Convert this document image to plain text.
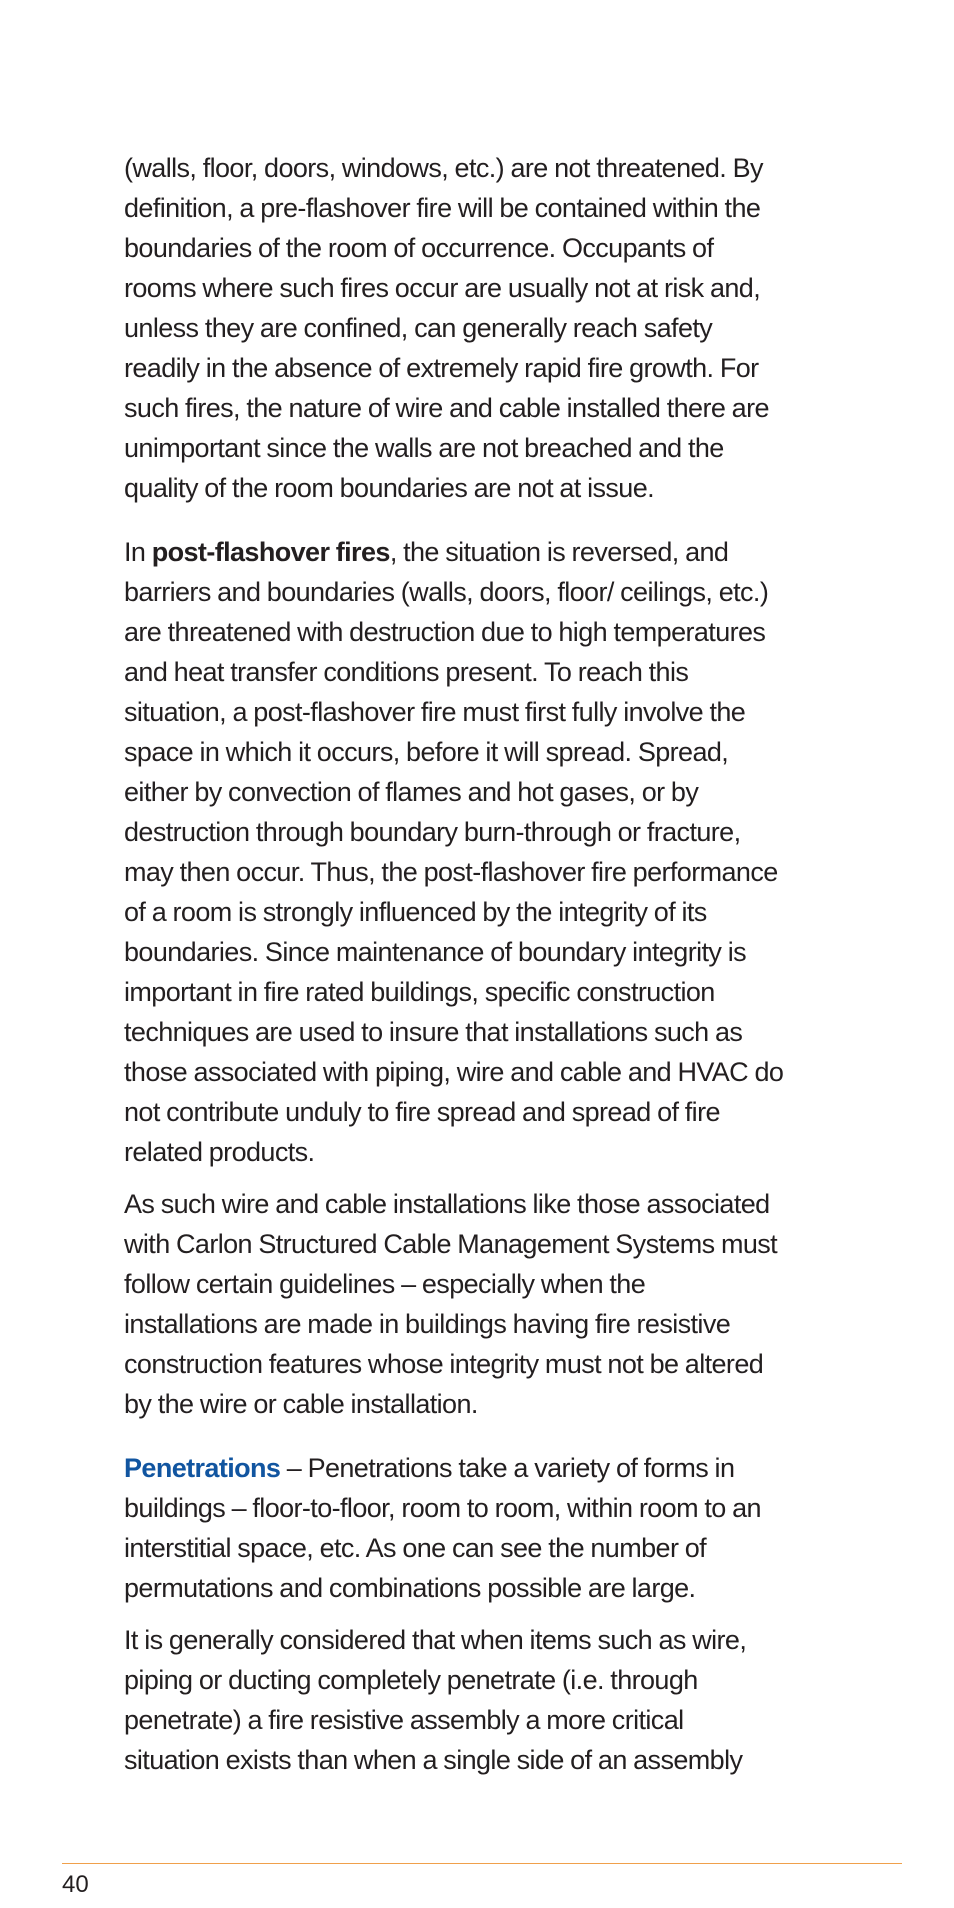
(walls, floor, doors, windows, etc.) are not threatened. By definition, a pre-flashover fire will be contained within the boundaries of the room of occurrence. Occupants of rooms where such fires occur are usually not at risk and, unless they are confined, can generally reach safety readily in the absence of extremely rapid fire growth. For such fires, the nature of wire and cable installed there are unimportant since the walls are not breached and the quality of the room boundaries are not at issue.

In post-flashover fires, the situation is reversed, and barriers and boundaries (walls, doors, floor/ ceilings, etc.) are threatened with destruction due to high temperatures and heat transfer conditions present. To reach this situation, a post-flashover fire must first fully involve the space in which it occurs, before it will spread. Spread, either by convection of flames and hot gases, or by destruction through boundary burn-through or fracture, may then occur. Thus, the post-flashover fire performance of a room is strongly influenced by the integrity of its boundaries. Since maintenance of boundary integrity is important in fire rated buildings, specific construction techniques are used to insure that installations such as those associated with piping, wire and cable and HVAC do not contribute unduly to fire spread and spread of fire related products.

As such wire and cable installations like those associated with Carlon Structured Cable Management Systems must follow certain guidelines – especially when the installations are made in buildings having fire resistive construction features whose integrity must not be altered by the wire or cable installation.

Penetrations – Penetrations take a variety of forms in buildings – floor-to-floor, room to room, within room to an interstitial space, etc. As one can see the number of permutations and combinations possible are large.

It is generally considered that when items such as wire, piping or ducting completely penetrate (i.e. through penetrate) a fire resistive assembly a more critical situation exists than when a single side of an assembly

40
